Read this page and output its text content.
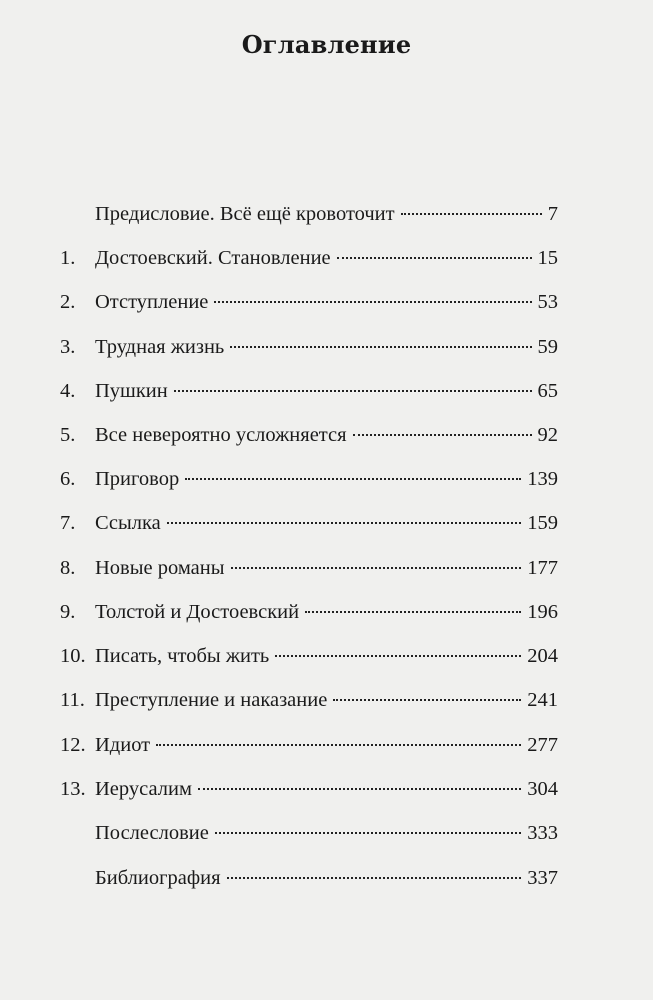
Оглавление
Предисловие. Всё ещё кровоточит	7
1. Достоевский. Становление	15
2. Отступление	53
3. Трудная жизнь	59
4. Пушкин	65
5. Все невероятно усложняется	92
6. Приговор	139
7. Ссылка	159
8. Новые романы	177
9. Толстой и Достоевский	196
10. Писать, чтобы жить	204
11. Преступление и наказание	241
12. Идиот	277
13. Иерусалим	304
Послесловие	333
Библиография	337
